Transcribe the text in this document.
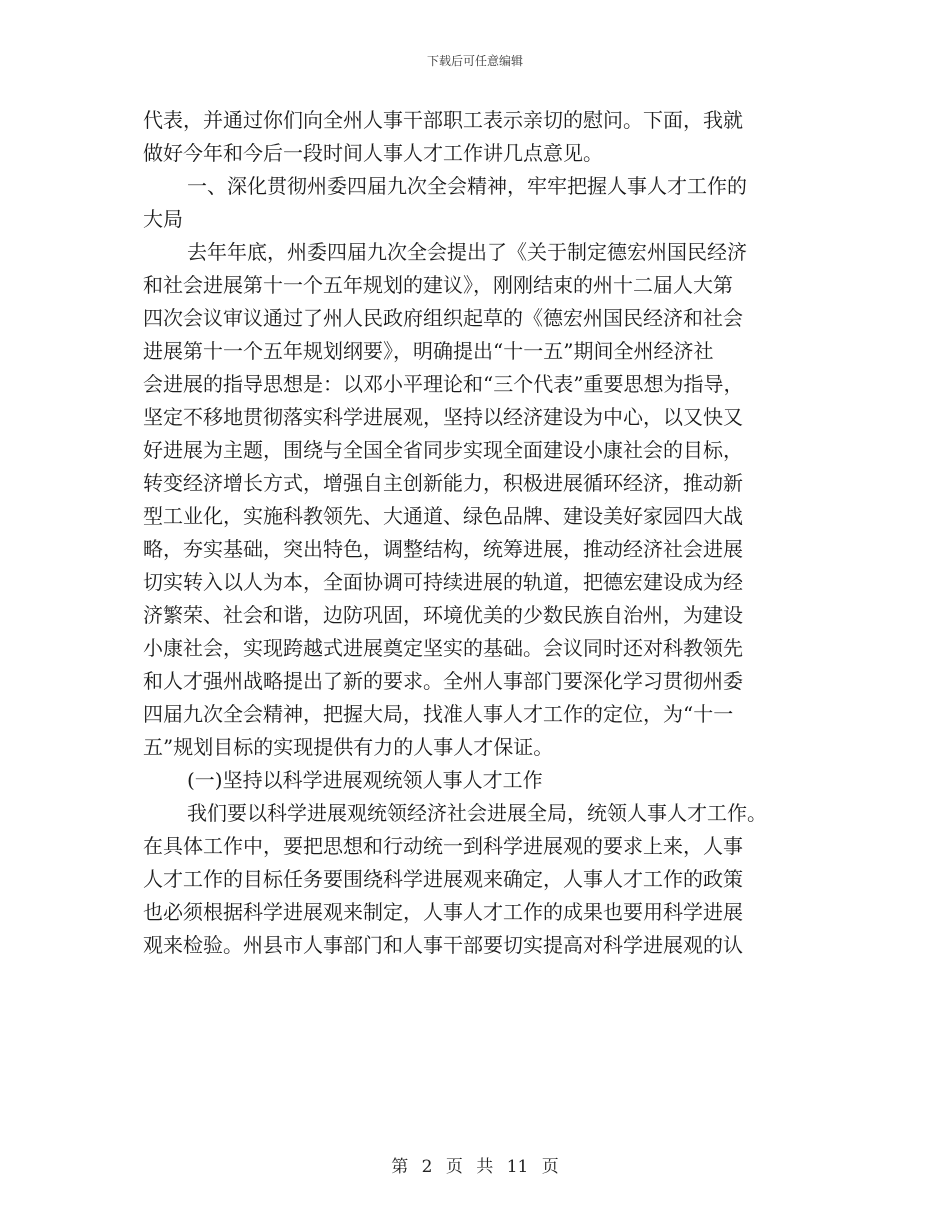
下载后可任意编辑
代表，并通过你们向全州人事干部职工表示亲切的慰问。下面，我就
做好今年和今后一段时间人事人才工作讲几点意见。
一、深化贯彻州委四届九次全会精神，牢牢把握人事人才工作的
大局
去年年底，州委四届九次全会提出了《关于制定德宏州国民经济
和社会进展第十一个五年规划的建议》，刚刚结束的州十二届人大第
四次会议审议通过了州人民政府组织起草的《德宏州国民经济和社会
进展第十一个五年规划纲要》，明确提出“十一五”期间全州经济社
会进展的指导思想是：以邓小平理论和“三个代表”重要思想为指导，
坚定不移地贯彻落实科学进展观，坚持以经济建设为中心，以又快又
好进展为主题，围绕与全国全省同步实现全面建设小康社会的目标，
转变经济增长方式，增强自主创新能力，积极进展循环经济，推动新
型工业化，实施科教领先、大通道、绿色品牌、建设美好家园四大战
略，夯实基础，突出特色，调整结构，统筹进展，推动经济社会进展
切实转入以人为本，全面协调可持续进展的轨道，把德宏建设成为经
济繁荣、社会和谐，边防巩固，环境优美的少数民族自治州，为建设
小康社会，实现跨越式进展奠定坚实的基础。会议同时还对科教领先
和人才强州战略提出了新的要求。全州人事部门要深化学习贯彻州委
四届九次全会精神，把握大局，找准人事人才工作的定位，为“十一
五”规划目标的实现提供有力的人事人才保证。
(一)坚持以科学进展观统领人事人才工作
我们要以科学进展观统领经济社会进展全局，统领人事人才工作。
在具体工作中，要把思想和行动统一到科学进展观的要求上来，人事
人才工作的目标任务要围绕科学进展观来确定，人事人才工作的政策
也必须根据科学进展观来制定，人事人才工作的成果也要用科学进展
观来检验。州县市人事部门和人事干部要切实提高对科学进展观的认
第 2 页 共 11 页
